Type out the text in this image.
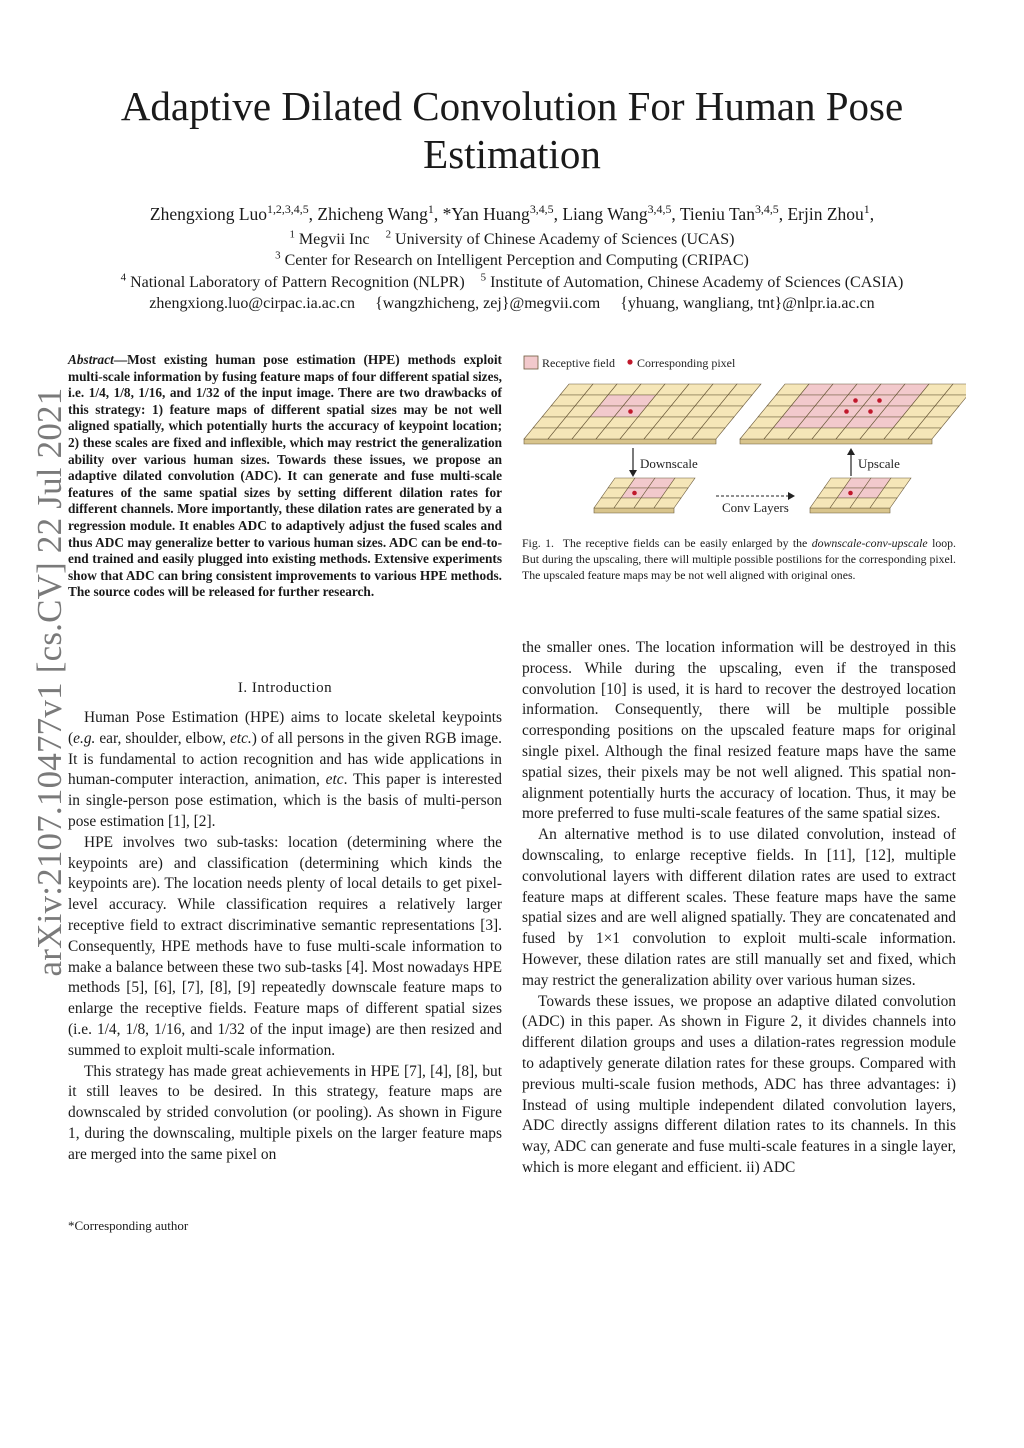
Adaptive Dilated Convolution For Human Pose Estimation
Zhengxiong Luo$^{1,2,3,4,5}$, Zhicheng Wang$^1$, *Yan Huang$^{3,4,5}$, Liang Wang$^{3,4,5}$, Tieniu Tan$^{3,4,5}$, Erjin Zhou$^1$,
$^1$ Megvii Inc $^2$ University of Chinese Academy of Sciences (UCAS)
$^3$ Center for Research on Intelligent Perception and Computing (CRIPAC)
$^4$ National Laboratory of Pattern Recognition (NLPR) $^5$ Institute of Automation, Chinese Academy of Sciences (CASIA)
zhengxiong.luo@cirpac.ia.ac.cn {wangzhicheng, zej}@megvii.com {yhuang, wangliang, tnt}@nlpr.ia.ac.cn
arXiv:2107.10477v1 [cs.CV] 22 Jul 2021
Abstract—Most existing human pose estimation (HPE) methods exploit multi-scale information by fusing feature maps of four different spatial sizes, i.e. 1/4, 1/8, 1/16, and 1/32 of the input image. There are two drawbacks of this strategy: 1) feature maps of different spatial sizes may be not well aligned spatially, which potentially hurts the accuracy of keypoint location; 2) these scales are fixed and inflexible, which may restrict the generalization ability over various human sizes. Towards these issues, we propose an adaptive dilated convolution (ADC). It can generate and fuse multi-scale features of the same spatial sizes by setting different dilation rates for different channels. More importantly, these dilation rates are generated by a regression module. It enables ADC to adaptively adjust the fused scales and thus ADC may generalize better to various human sizes. ADC can be end-to-end trained and easily plugged into existing methods. Extensive experiments show that ADC can bring consistent improvements to various HPE methods. The source codes will be released for further research.
I. Introduction

Human Pose Estimation (HPE) aims to locate skeletal keypoints (e.g. ear, shoulder, elbow, etc.) of all persons in the given RGB image. It is fundamental to action recognition and has wide applications in human-computer interaction, animation, etc. This paper is interested in single-person pose estimation, which is the basis of multi-person pose estimation [1], [2].

HPE involves two sub-tasks: location (determining where the keypoints are) and classification (determining which kinds the keypoints are). The location needs plenty of local details to get pixel-level accuracy. While classification requires a relatively larger receptive field to extract discriminative semantic representations [3]. Consequently, HPE methods have to fuse multi-scale information to make a balance between these two sub-tasks [4]. Most nowadays HPE methods [5], [6], [7], [8], [9] repeatedly downscale feature maps to enlarge the receptive fields. Feature maps of different spatial sizes (i.e. 1/4, 1/8, 1/16, and 1/32 of the input image) are then resized and summed to exploit multi-scale information.

This strategy has made great achievements in HPE [7], [4], [8], but it still leaves to be desired. In this strategy, feature maps are downscaled by strided convolution (or pooling). As shown in Figure 1, during the downscaling, multiple pixels on the larger feature maps are merged into the same pixel on

*Corresponding author
Receptive field Corresponding pixel
Downscale	Upscale
Conv Layers
Fig. 1. The receptive fields can be easily enlarged by the downscale-conv-upscale loop. But during the upscaling, there will multiple possible postilions for the corresponding pixel. The upscaled feature maps may be not well aligned with original ones.

the smaller ones. The location information will be destroyed in this process. While during the upscaling, even if the transposed convolution [10] is used, it is hard to recover the destroyed location information. Consequently, there will be multiple possible corresponding positions on the upscaled feature maps for original single pixel. Although the final resized feature maps have the same spatial sizes, their pixels may be not well aligned. This spatial non-alignment potentially hurts the accuracy of location. Thus, it may be more preferred to fuse multi-scale features of the same spatial sizes.

An alternative method is to use dilated convolution, instead of downscaling, to enlarge receptive fields. In [11], [12], multiple convolutional layers with different dilation rates are used to extract feature maps at different scales. These feature maps have the same spatial sizes and are well aligned spatially. They are concatenated and fused by 1×1 convolution to exploit multi-scale information. However, these dilation rates are still manually set and fixed, which may restrict the generalization ability over various human sizes.

Towards these issues, we propose an adaptive dilated convolution (ADC) in this paper. As shown in Figure 2, it divides channels into different dilation groups and uses a dilation-rates regression module to adaptively generate dilation rates for these groups. Compared with previous multi-scale fusion methods, ADC has three advantages: i) Instead of using multiple independent dilated convolution layers, ADC directly assigns different dilation rates to its channels. In this way, ADC can generate and fuse multi-scale features in a single layer, which is more elegant and efficient. ii) ADC
